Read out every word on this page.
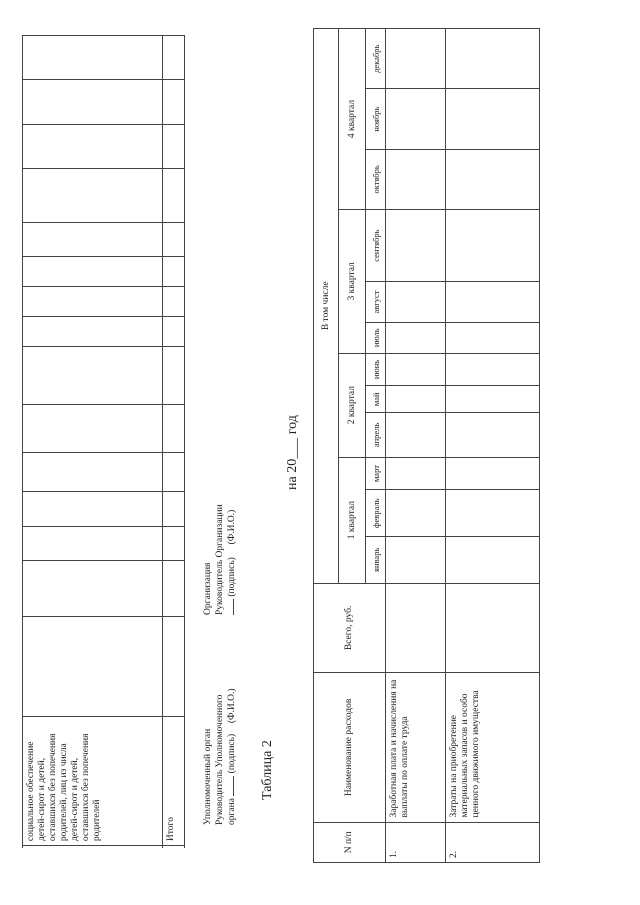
	социальное обеспечение детей-сирот и детей, оставшихся без попечения родителей, лиц из числа детей-сирот и детей, оставшихся без попечения родителей																

	Итого																

Уполномоченный орган Руководитель Уполномоченного органа  (подпись)  (Ф.И.О.)
Организация Руководитель Организации (подпись)  (Ф.И.О.)
Таблица 2
на 20___ год
N п/п	Наименование расходов	Всего, руб.	В том числе											
			1 квартал			2 квартал			3 квартал			4 квартал		
			январь	февраль	март	апрель	май	июнь	июль	август	сентябрь	октябрь	ноябрь	декабрь

1.	Заработная плата и начисления на выплаты по оплате труда													

2.	Затраты на приобретение материальных запасов и особо ценного движимого имущества													
